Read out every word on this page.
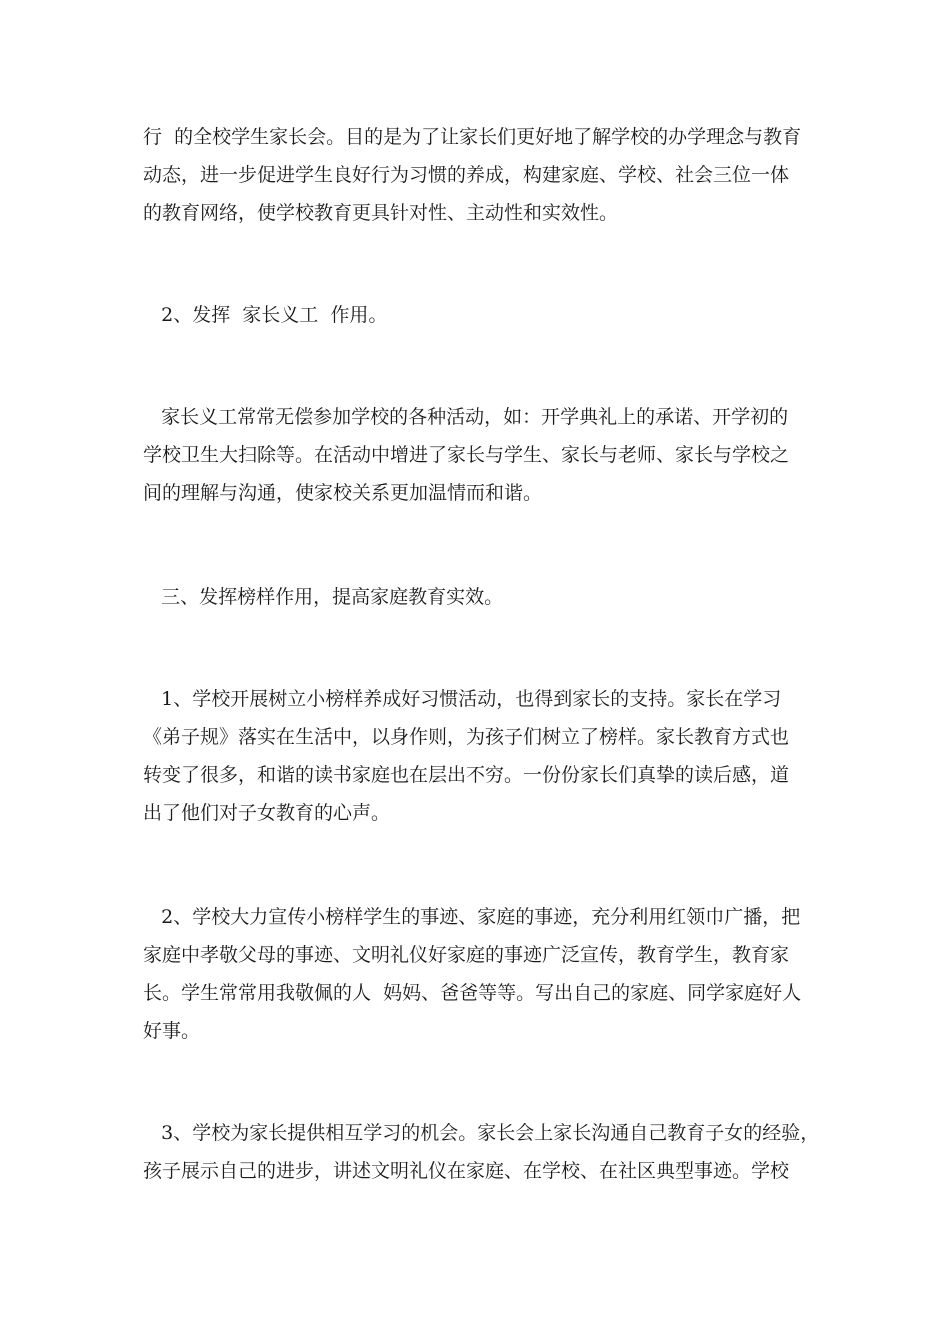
行  的全校学生家长会。目的是为了让家长们更好地了解学校的办学理念与教育
动态，进一步促进学生良好行为习惯的养成，构建家庭、学校、社会三位一体
的教育网络，使学校教育更具针对性、主动性和实效性。
2、发挥  家长义工  作用。
家长义工常常无偿参加学校的各种活动，如：开学典礼上的承诺、开学初的
学校卫生大扫除等。在活动中增进了家长与学生、家长与老师、家长与学校之
间的理解与沟通，使家校关系更加温情而和谐。
三、发挥榜样作用，提高家庭教育实效。
1、学校开展树立小榜样养成好习惯活动，也得到家长的支持。家长在学习
《弟子规》落实在生活中，以身作则，为孩子们树立了榜样。家长教育方式也
转变了很多，和谐的读书家庭也在层出不穷。一份份家长们真挚的读后感，道
出了他们对子女教育的心声。
2、学校大力宣传小榜样学生的事迹、家庭的事迹，充分利用红领巾广播，把
家庭中孝敬父母的事迹、文明礼仪好家庭的事迹广泛宣传，教育学生，教育家
长。学生常常用我敬佩的人  妈妈、爸爸等等。写出自己的家庭、同学家庭好人
好事。
3、学校为家长提供相互学习的机会。家长会上家长沟通自己教育子女的经验，
孩子展示自己的进步，讲述文明礼仪在家庭、在学校、在社区典型事迹。学校
